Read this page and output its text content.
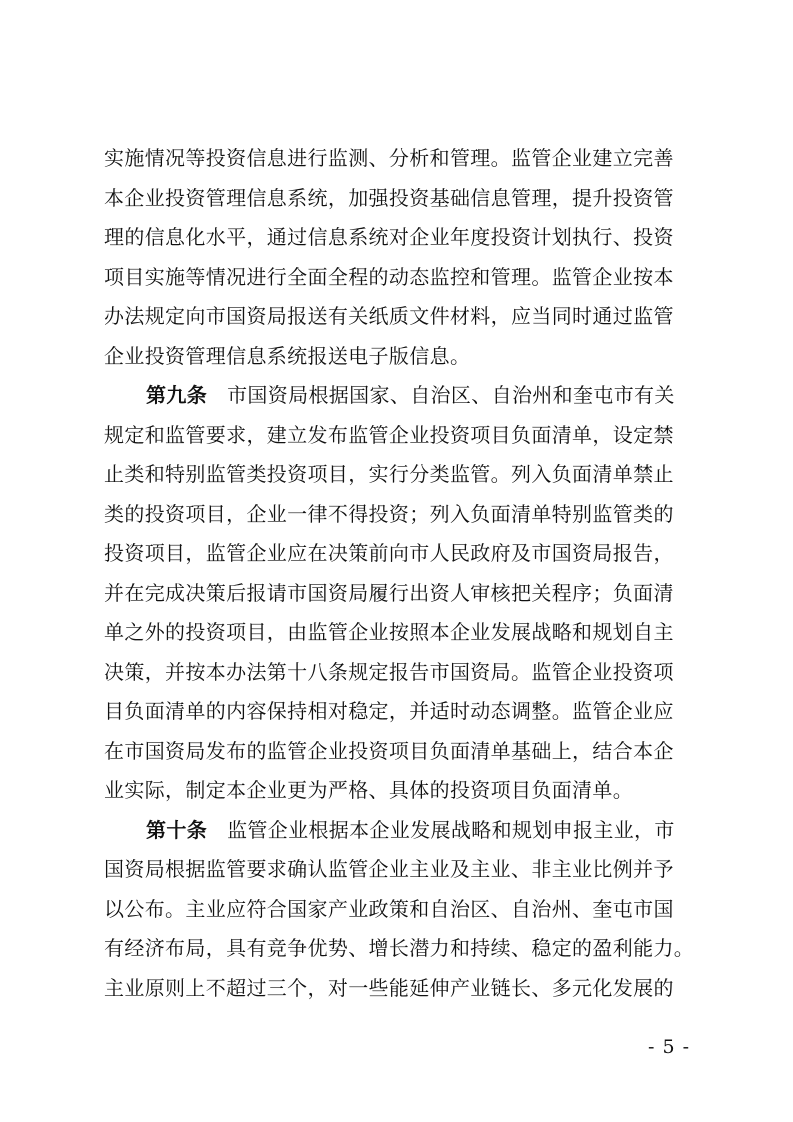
实施情况等投资信息进行监测、分析和管理。监管企业建立完善
本企业投资管理信息系统，加强投资基础信息管理，提升投资管
理的信息化水平，通过信息系统对企业年度投资计划执行、投资
项目实施等情况进行全面全程的动态监控和管理。监管企业按本
办法规定向市国资局报送有关纸质文件材料，应当同时通过监管
企业投资管理信息系统报送电子版信息。
第九条 市国资局根据国家、自治区、自治州和奎屯市有关
规定和监管要求，建立发布监管企业投资项目负面清单，设定禁
止类和特别监管类投资项目，实行分类监管。列入负面清单禁止
类的投资项目，企业一律不得投资；列入负面清单特别监管类的
投资项目，监管企业应在决策前向市人民政府及市国资局报告，
并在完成决策后报请市国资局履行出资人审核把关程序；负面清
单之外的投资项目，由监管企业按照本企业发展战略和规划自主
决策，并按本办法第十八条规定报告市国资局。监管企业投资项
目负面清单的内容保持相对稳定，并适时动态调整。监管企业应
在市国资局发布的监管企业投资项目负面清单基础上，结合本企
业实际，制定本企业更为严格、具体的投资项目负面清单。
第十条 监管企业根据本企业发展战略和规划申报主业，市
国资局根据监管要求确认监管企业主业及主业、非主业比例并予
以公布。主业应符合国家产业政策和自治区、自治州、奎屯市国
有经济布局，具有竞争优势、增长潜力和持续、稳定的盈利能力。
主业原则上不超过三个，对一些能延伸产业链长、多元化发展的
- 5 -
